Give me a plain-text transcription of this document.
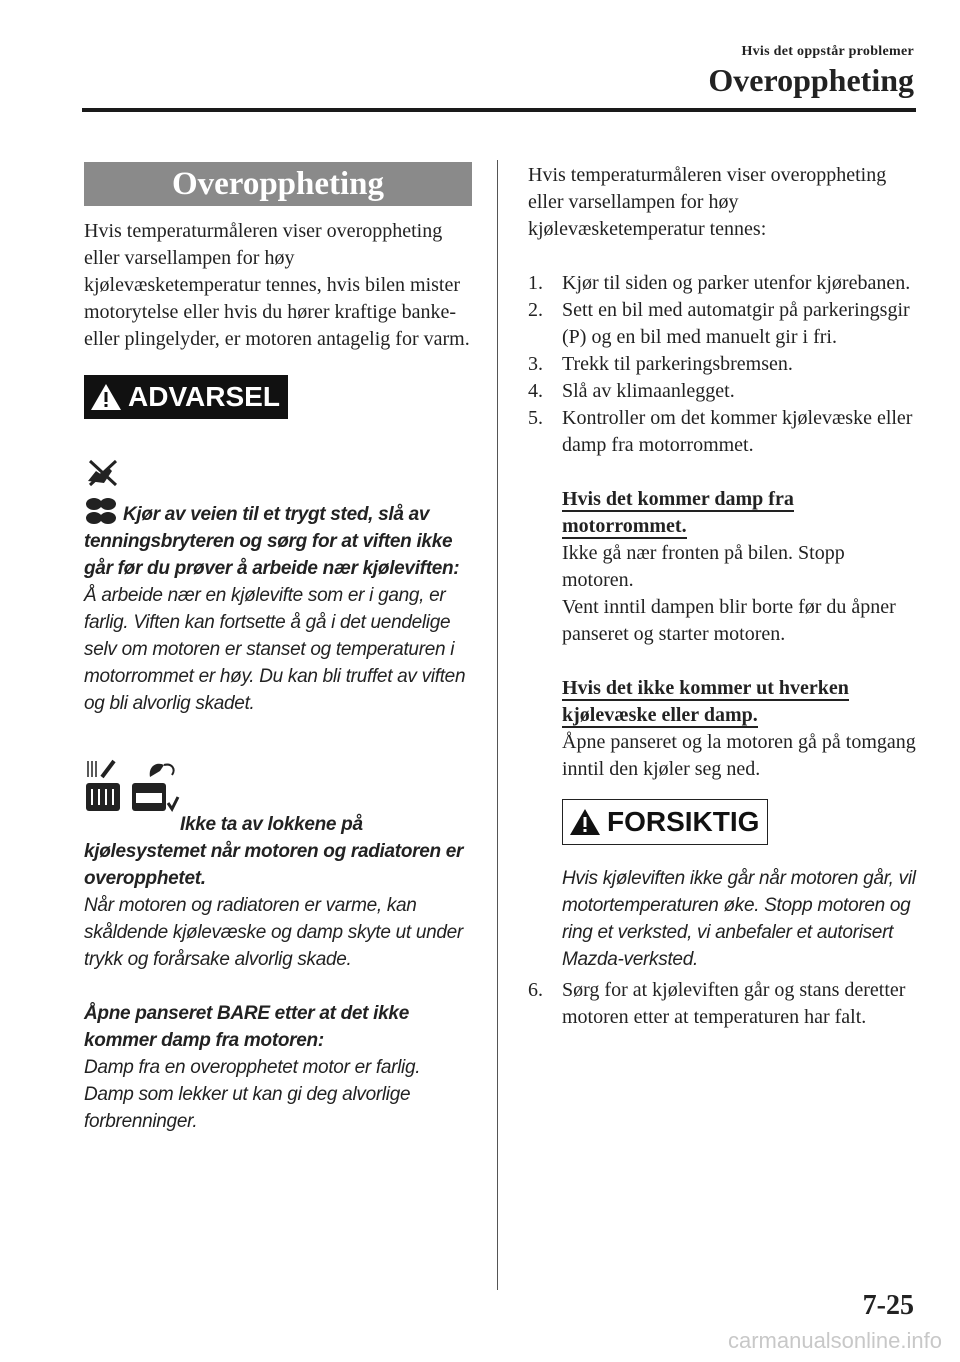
Hvis det oppstår problemer
Overoppheting
Overoppheting

Hvis temperaturmåleren viser overoppheting eller varsellampen for høy kjølevæsketemperatur tennes, hvis bilen mister motorytelse eller hvis du hører kraftige banke- eller plingelyder, er motoren antagelig for varm.

ADVARSEL

Kjør av veien til et trygt sted, slå av tenningsbryteren og sørg for at viften ikke går før du prøver å arbeide nær kjøleviften: Å arbeide nær en kjølevifte som er i gang, er farlig. Viften kan fortsette å gå i det uendelige selv om motoren er stanset og temperaturen i motorrommet er høy. Du kan bli truffet av viften og bli alvorlig skadet.

Ikke ta av lokkene på kjølesystemet når motoren og radiatoren er overopphetet.
Når motoren og radiatoren er varme, kan skåldende kjølevæske og damp skyte ut under trykk og forårsake alvorlig skade.

Åpne panseret BARE etter at det ikke kommer damp fra motoren:
Damp fra en overopphetet motor er farlig. Damp som lekker ut kan gi deg alvorlige forbrenninger.

Hvis temperaturmåleren viser overoppheting eller varsellampen for høy kjølevæsketemperatur tennes:

1. Kjør til siden og parker utenfor kjørebanen.
2. Sett en bil med automatgir på parkeringsgir (P) og en bil med manuelt gir i fri.
3. Trekk til parkeringsbremsen.
4. Slå av klimaanlegget.
5. Kontroller om det kommer kjølevæske eller damp fra motorrommet.
Hvis det kommer damp fra motorrommet.

Ikke gå nær fronten på bilen. Stopp motoren.

Vent inntil dampen blir borte før du åpner panseret og starter motoren.

Hvis det ikke kommer ut hverken kjølevæske eller damp.

Åpne panseret og la motoren gå på tomgang inntil den kjøler seg ned.

FORSIKTIG

Hvis kjøleviften ikke går når motoren går, vil motortemperaturen øke. Stopp motoren og ring et verksted, vi anbefaler et autorisert Mazda-verksted.

6. Sørg for at kjøleviften går og stans deretter motoren etter at temperaturen har falt.
7-25
carmanualsonline.info
